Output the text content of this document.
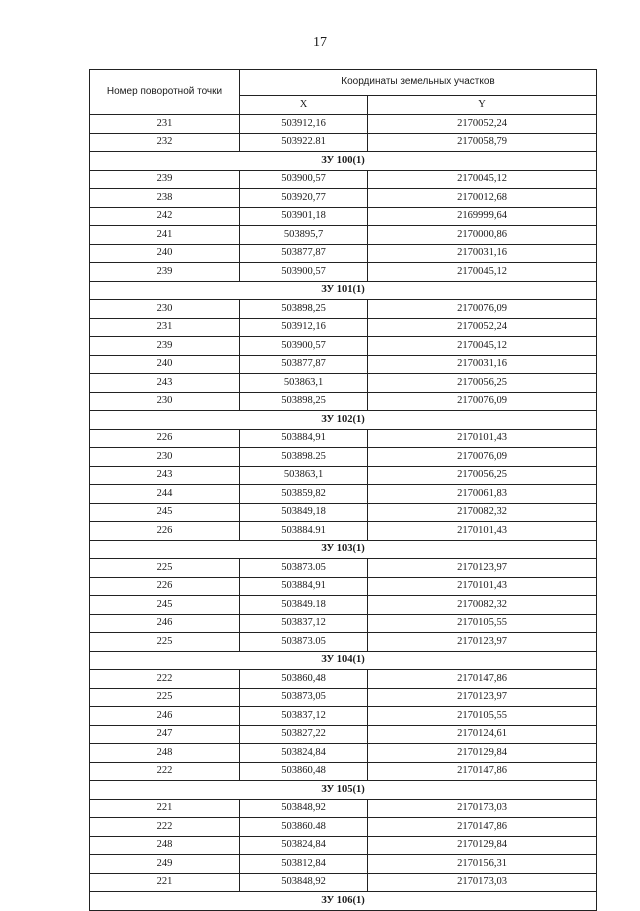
17
Номер поворотной точки	Координаты земельных участков	
	X	Y
231	503912,16	2170052,24
232	503922.81	2170058,79
ЗУ 100(1)		
239	503900,57	2170045,12
238	503920,77	2170012,68
242	503901,18	2169999,64
241	503895,7	2170000,86
240	503877,87	2170031,16
239	503900,57	2170045,12
ЗУ 101(1)		
230	503898,25	2170076,09
231	503912,16	2170052,24
239	503900,57	2170045,12
240	503877,87	2170031,16
243	503863,1	2170056,25
230	503898,25	2170076,09
ЗУ 102(1)		
226	503884,91	2170101,43
230	503898.25	2170076,09
243	503863,1	2170056,25
244	503859,82	2170061,83
245	503849,18	2170082,32
226	503884.91	2170101,43
ЗУ 103(1)		
225	503873.05	2170123,97
226	503884,91	2170101,43
245	503849.18	2170082,32
246	503837,12	2170105,55
225	503873.05	2170123,97
ЗУ 104(1)		
222	503860,48	2170147,86
225	503873,05	2170123,97
246	503837,12	2170105,55
247	503827,22	2170124,61
248	503824,84	2170129,84
222	503860,48	2170147,86
ЗУ 105(1)		
221	503848,92	2170173,03
222	503860.48	2170147,86
248	503824,84	2170129,84
249	503812,84	2170156,31
221	503848,92	2170173,03
ЗУ 106(1)		
